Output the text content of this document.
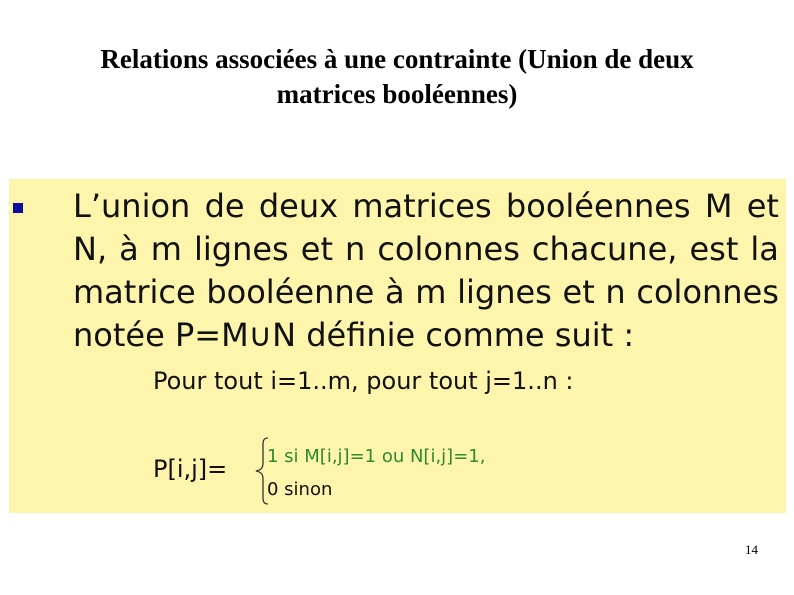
Relations associées à une contrainte (Union de deux
matrices booléennes)
L’union de deux matrices booléennes M et
N, à m lignes et n colonnes chacune, est la
matrice booléenne à m lignes et n colonnes
notée P=M∪N définie comme suit :
Pour tout i=1..m, pour tout j=1..n :
P[i,j]= 1 si M[i,j]=1 ou N[i,j]=1,
0 sinon
14
